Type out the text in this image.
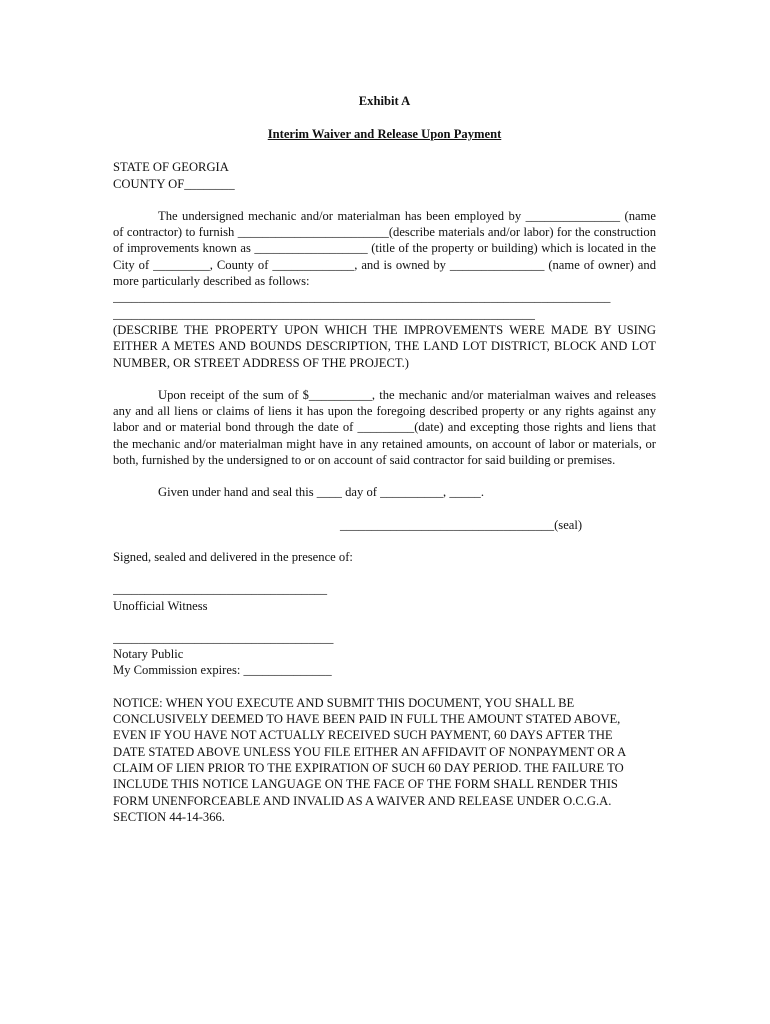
Exhibit A
Interim Waiver and Release Upon Payment
STATE OF GEORGIA
COUNTY OF________

The undersigned mechanic and/or materialman has been employed by _______________ (name of contractor) to furnish ________________________(describe materials and/or labor) for the construction of improvements known as __________________ (title of the property or building) which is located in the City of _________, County of _____________, and is owned by _______________ (name of owner) and more particularly described as follows:

_______________________________________________________________________________
___________________________________________________________________

(DESCRIBE THE PROPERTY UPON WHICH THE IMPROVEMENTS WERE MADE BY USING EITHER A METES AND BOUNDS DESCRIPTION, THE LAND LOT DISTRICT, BLOCK AND LOT NUMBER, OR STREET ADDRESS OF THE PROJECT.)

Upon receipt of the sum of $__________, the mechanic and/or materialman waives and releases any and all liens or claims of liens it has upon the foregoing described property or any rights against any labor and or material bond through the date of _________(date) and excepting those rights and liens that the mechanic and/or materialman might have in any retained amounts, on account of labor or materials, or both, furnished by the undersigned to or on account of said contractor for said building or premises.

Given under hand and seal this ____ day of __________, _____.

__________________________________(seal)

Signed, sealed and delivered in the presence of:

__________________________________
Unofficial Witness
___________________________________
Notary Public
My Commission expires: ______________

NOTICE: WHEN YOU EXECUTE AND SUBMIT THIS DOCUMENT, YOU SHALL BE CONCLUSIVELY DEEMED TO HAVE BEEN PAID IN FULL THE AMOUNT STATED ABOVE, EVEN IF YOU HAVE NOT ACTUALLY RECEIVED SUCH PAYMENT, 60 DAYS AFTER THE DATE STATED ABOVE UNLESS YOU FILE EITHER AN AFFIDAVIT OF NONPAYMENT OR A CLAIM OF LIEN PRIOR TO THE EXPIRATION OF SUCH 60 DAY PERIOD. THE FAILURE TO INCLUDE THIS NOTICE LANGUAGE ON THE FACE OF THE FORM SHALL RENDER THIS FORM UNENFORCEABLE AND INVALID AS A WAIVER AND RELEASE UNDER O.C.G.A. SECTION 44-14-366.
